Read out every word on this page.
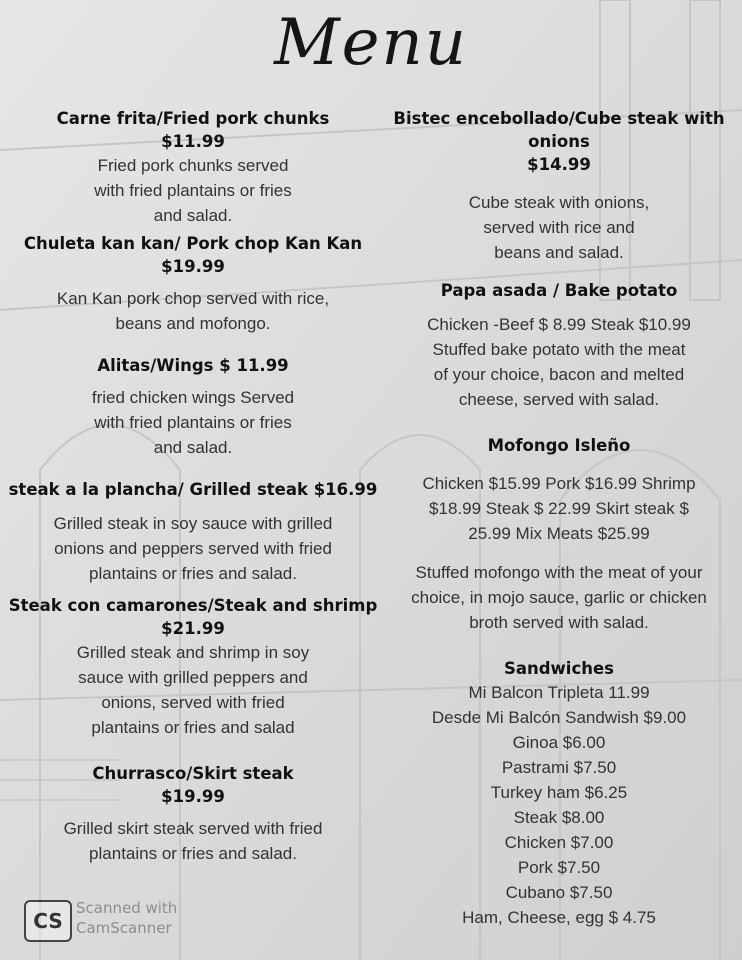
Menu
Carne frita/Fried pork chunks
$11.99
Fried pork chunks served
with fried plantains or fries
and salad.
Chuleta kan kan/ Pork chop Kan Kan
$19.99
Kan Kan pork chop served with rice,
beans and mofongo.
Alitas/Wings $ 11.99
fried chicken wings Served
with fried plantains or fries
and salad.
steak a la plancha/ Grilled steak $16.99
Grilled steak in soy sauce with grilled
onions and peppers served with fried
plantains or fries and salad.
Steak con camarones/Steak and shrimp
$21.99
Grilled steak and shrimp in soy
sauce with grilled peppers and
onions, served with fried
plantains or fries and salad
Churrasco/Skirt steak
$19.99
Grilled skirt steak served with fried
plantains or fries and salad.
Bistec encebollado/Cube steak with onions
$14.99
Cube steak with onions,
served with rice and
beans and salad.
Papa asada / Bake potato
Chicken -Beef $ 8.99 Steak $10.99
Stuffed bake potato with the meat
of your choice, bacon and melted
cheese, served with salad.
Mofongo Isleño
Chicken $15.99 Pork $16.99 Shrimp
$18.99 Steak $ 22.99 Skirt steak $
25.99 Mix Meats $25.99
Stuffed mofongo with the meat of your
choice, in mojo sauce, garlic or chicken
broth served with salad.
Sandwiches
Mi Balcon Tripleta 11.99
Desde Mi Balcón Sandwish $9.00
Ginoa $6.00
Pastrami $7.50
Turkey ham $6.25
Steak $8.00
Chicken $7.00
Pork $7.50
Cubano $7.50
Ham, Cheese, egg $ 4.75
CS
Scanned with
CamScanner
